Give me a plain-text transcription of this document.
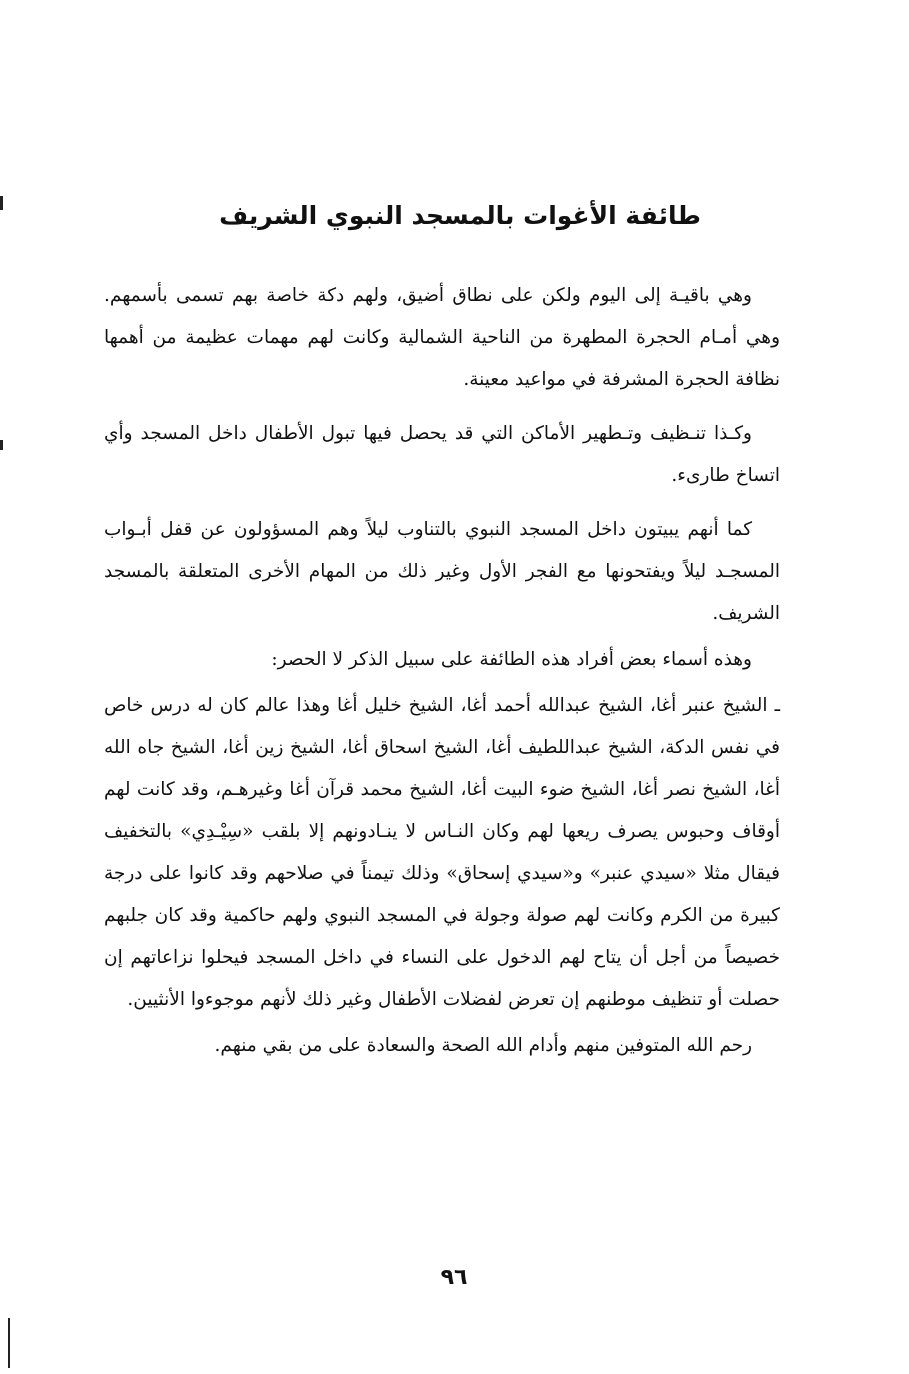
طائفة الأغوات بالمسجد النبوي الشريف

وهي باقيـة إلى اليوم ولكن على نطاق أضيق، ولهم دكة خاصة بهم تسمى بأسمهم. وهي أمـام الحجرة المطهرة من الناحية الشمالية وكانت لهم مهمات عظيمة من أهمها نظافة الحجرة المشرفة في مواعيد معينة.

وكـذا تنـظيف وتـطهير الأماكن التي قد يحصل فيها تبول الأطفال داخل المسجد وأي اتساخ طارىء.

كما أنهم يبيتون داخل المسجد النبوي بالتناوب ليلاً وهم المسؤولون عن قفل أبـواب المسجـد ليلاً ويفتحونها مع الفجر الأول وغير ذلك من المهام الأخرى المتعلقة بالمسجد الشريف.

وهذه أسماء بعض أفراد هذه الطائفة على سبيل الذكر لا الحصر:

ـ الشيخ عنبر أغا، الشيخ عبدالله أحمد أغا، الشيخ خليل أغا وهذا عالم كان له درس خاص في نفس الدكة، الشيخ عبداللطيف أغا، الشيخ اسحاق أغا، الشيخ زين أغا، الشيخ جاه الله أغا، الشيخ نصر أغا، الشيخ ضوء البيت أغا، الشيخ محمد قرآن أغا وغيرهـم، وقد كانت لهم أوقاف وحبوس يصرف ريعها لهم وكان النـاس لا ينـادونهم إلا بلقب «سِيْـدِي» بالتخفيف فيقال مثلا «سيدي عنبر» و«سيدي إسحاق» وذلك تيمناً في صلاحهم وقد كانوا على درجة كبيرة من الكرم وكانت لهم صولة وجولة في المسجد النبوي ولهم حاكمية وقد كان جلبهم خصيصاً من أجل أن يتاح لهم الدخول على النساء في داخل المسجد فيحلوا نزاعاتهم إن حصلت أو تنظيف موطنهم إن تعرض لفضلات الأطفال وغير ذلك لأنهم موجوءوا الأنثيين.

رحم الله المتوفين منهم وأدام الله الصحة والسعادة على من بقي منهم.

٩٦
